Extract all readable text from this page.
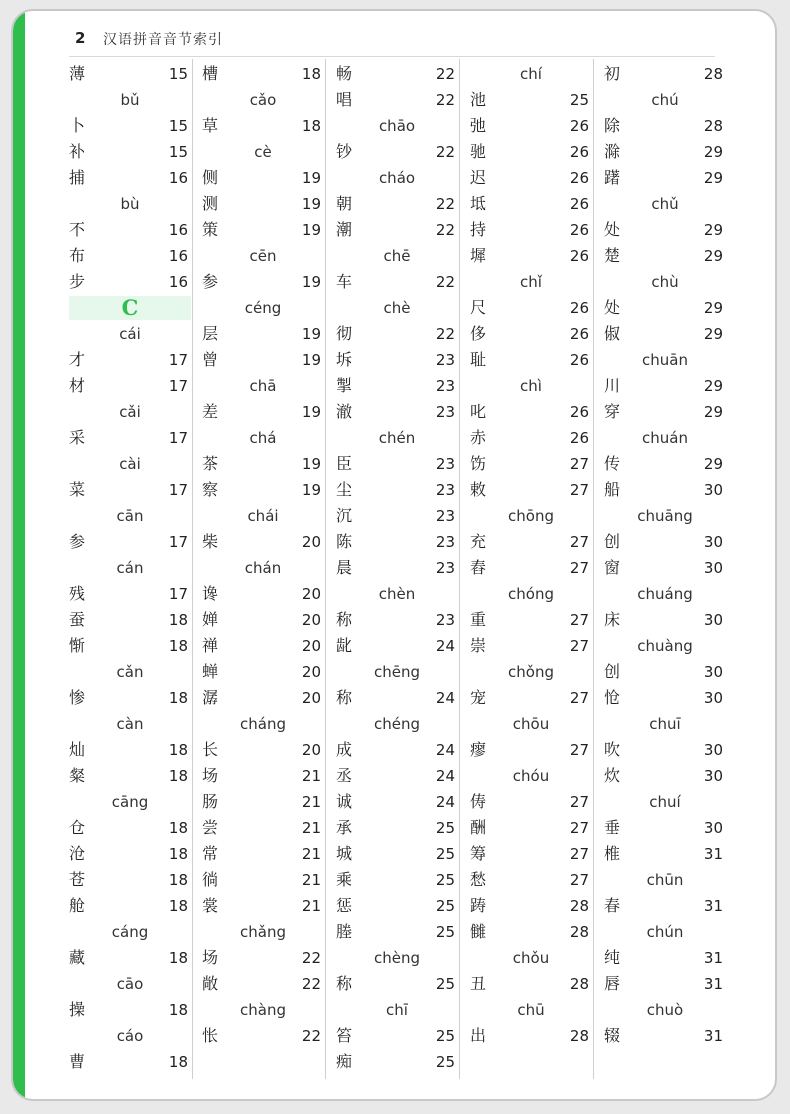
2 汉语拼音音节索引
薄	15
bǔ
卜	15
补	15
捕	16
bù
不	16
布	16
步	16
C
cái
才	17
材	17
cǎi
采	17
cài
菜	17
cān
参	17
cán
残	17
蚕	18
惭	18
cǎn
惨	18
càn
灿	18
粲	18
cāng
仓	18
沧	18
苍	18
舱	18
cáng
藏	18
cāo
操	18
cáo
曹	18
槽	18
cǎo
草	18
cè
侧	19
测	19
策	19
cēn
参	19
céng
层	19
曾	19
chā
差	19
chá
茶	19
察	19
chái
柴	20
chán
谗	20
婵	20
禅	20
蝉	20
潺	20
cháng
长	20
场	21
肠	21
尝	21
常	21
徜	21
裳	21
chǎng
场	22
敞	22
chàng
怅	22
畅	22
唱	22
chāo
钞	22
cháo
朝	22
潮	22
chē
车	22
chè
彻	22
坼	23
掣	23
澈	23
chén
臣	23
尘	23
沉	23
陈	23
晨	23
chèn
称	23
龀	24
chēng
称	24
chéng
成	24
丞	24
诚	24
承	25
城	25
乘	25
惩	25
塍	25
chèng
称	25
chī
笞	25
痴	25
chí
池	25
弛	26
驰	26
迟	26
坻	26
持	26
墀	26
chǐ
尺	26
侈	26
耻	26
chì
叱	26
赤	26
饬	27
敕	27
chōng
充	27
舂	27
chóng
重	27
崇	27
chǒng
宠	27
chōu
瘳	27
chóu
俦	27
酬	27
筹	27
愁	27
踌	28
雠	28
chǒu
丑	28
chū
出	28
初	28
chú
除	28
滁	29
躇	29
chǔ
处	29
楚	29
chù
处	29
俶	29
chuān
川	29
穿	29
chuán
传	29
船	30
chuāng
创	30
窗	30
chuáng
床	30
chuàng
创	30
怆	30
chuī
吹	30
炊	30
chuí
垂	30
椎	31
chūn
春	31
chún
纯	31
唇	31
chuò
辍	31
